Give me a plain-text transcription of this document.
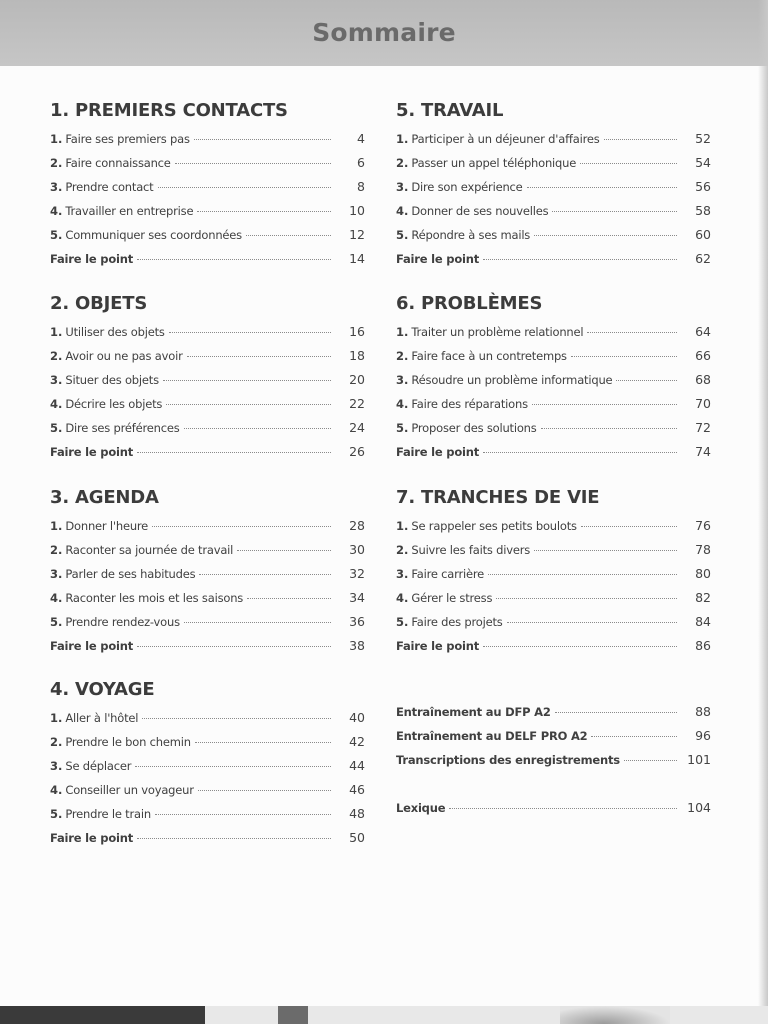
Sommaire
1. PREMIERS CONTACTS
1. Faire ses premiers pas	4
2. Faire connaissance	6
3. Prendre contact	8
4. Travailler en entreprise	10
5. Communiquer ses coordonnées	12
Faire le point	14
2. OBJETS
1. Utiliser des objets	16
2. Avoir ou ne pas avoir	18
3. Situer des objets	20
4. Décrire les objets	22
5. Dire ses préférences	24
Faire le point	26
3. AGENDA
1. Donner l'heure	28
2. Raconter sa journée de travail	30
3. Parler de ses habitudes	32
4. Raconter les mois et les saisons	34
5. Prendre rendez-vous	36
Faire le point	38
4. VOYAGE
1. Aller à l'hôtel	40
2. Prendre le bon chemin	42
3. Se déplacer	44
4. Conseiller un voyageur	46
5. Prendre le train	48
Faire le point	50
5. TRAVAIL
1. Participer à un déjeuner d'affaires	52
2. Passer un appel téléphonique	54
3. Dire son expérience	56
4. Donner de ses nouvelles	58
5. Répondre à ses mails	60
Faire le point	62
6. PROBLÈMES
1. Traiter un problème relationnel	64
2. Faire face à un contretemps	66
3. Résoudre un problème informatique	68
4. Faire des réparations	70
5. Proposer des solutions	72
Faire le point	74
7. TRANCHES DE VIE
1. Se rappeler ses petits boulots	76
2. Suivre les faits divers	78
3. Faire carrière	80
4. Gérer le stress	82
5. Faire des projets	84
Faire le point	86
Entraînement au DFP A2	88
Entraînement au DELF PRO A2	96
Transcriptions des enregistrements	101
Lexique	104
